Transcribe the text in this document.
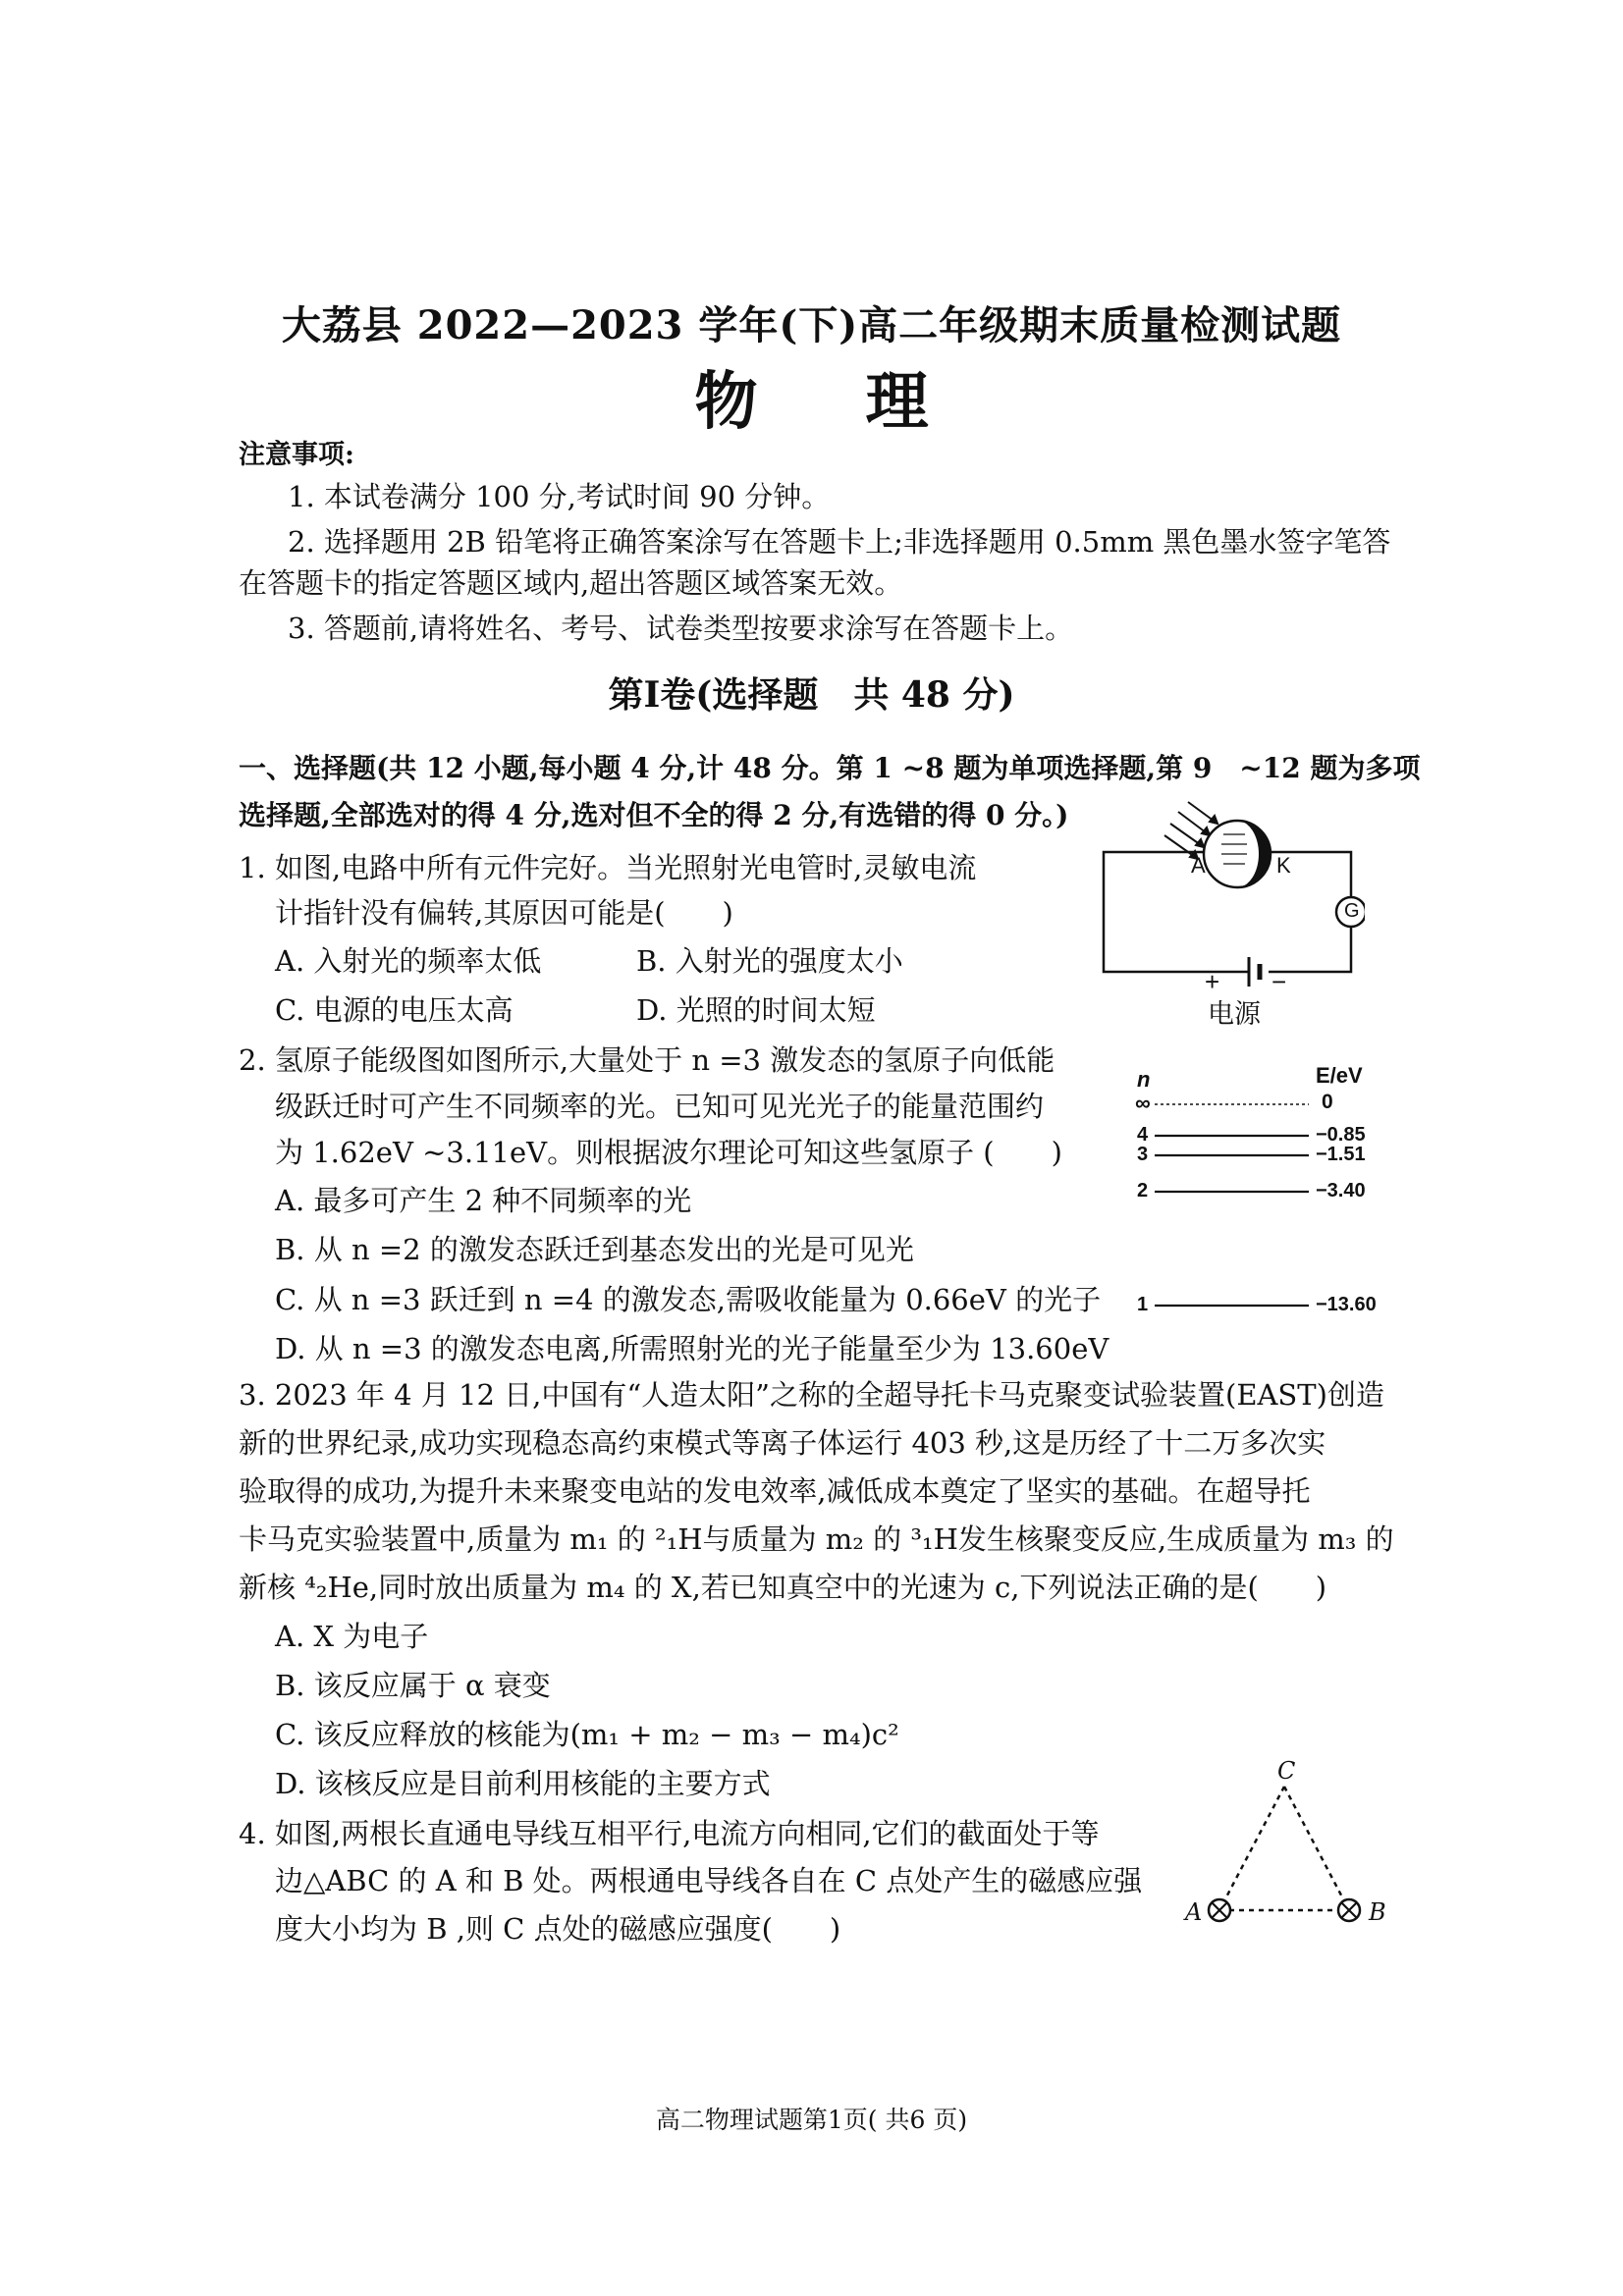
大荔县 2022—2023 学年(下)高二年级期末质量检测试题
物理
注意事项:
1. 本试卷满分 100 分,考试时间 90 分钟。
2. 选择题用 2B 铅笔将正确答案涂写在答题卡上;非选择题用 0.5mm 黑色墨水签字笔答
在答题卡的指定答题区域内,超出答题区域答案无效。
3. 答题前,请将姓名、考号、试卷类型按要求涂写在答题卡上。
第Ⅰ卷(选择题　共 48 分)
一、选择题(共 12 小题,每小题 4 分,计 48 分。第 1 ~8 题为单项选择题,第 9　~12 题为多项
选择题,全部选对的得 4 分,选对但不全的得 2 分,有选错的得 0 分。)
1. 如图,电路中所有元件完好。当光照射光电管时,灵敏电流
计指针没有偏转,其原因可能是(　　)
A. 入射光的频率太低	B. 入射光的强度太小
C. 电源的电压太高	D. 光照的时间太短
A	K
G
+ −
电源
2. 氢原子能级图如图所示,大量处于 n =3 激发态的氢原子向低能
级跃迁时可产生不同频率的光。已知可见光光子的能量范围约
为 1.62eV ~3.11eV。则根据波尔理论可知这些氢原子 (　　)
A. 最多可产生 2 种不同频率的光
B. 从 n =2 的激发态跃迁到基态发出的光是可见光
C. 从 n =3 跃迁到 n =4 的激发态,需吸收能量为 0.66eV 的光子
D. 从 n =3 的激发态电离,所需照射光的光子能量至少为 13.60eV
n	E/eV
∞	0
4	−0.85
3	−1.51
2	−3.40
1	−13.60
3. 2023 年 4 月 12 日,中国有“人造太阳”之称的全超导托卡马克聚变试验装置(EAST)创造
新的世界纪录,成功实现稳态高约束模式等离子体运行 403 秒,这是历经了十二万多次实
验取得的成功,为提升未来聚变电站的发电效率,减低成本奠定了坚实的基础。在超导托
卡马克实验装置中,质量为 m₁ 的 ²₁H与质量为 m₂ 的 ³₁H发生核聚变反应,生成质量为 m₃ 的
新核 ⁴₂He,同时放出质量为 m₄ 的 X,若已知真空中的光速为 c,下列说法正确的是(　　)
A. X 为电子
B. 该反应属于 α 衰变
C. 该反应释放的核能为(m₁ + m₂ − m₃ − m₄)c²
D. 该核反应是目前利用核能的主要方式
4. 如图,两根长直通电导线互相平行,电流方向相同,它们的截面处于等
边△ABC 的 A 和 B 处。两根通电导线各自在 C 点处产生的磁感应强
度大小均为 B ,则 C 点处的磁感应强度(　　)
C
A	B
高二物理试题第1页( 共6 页)
